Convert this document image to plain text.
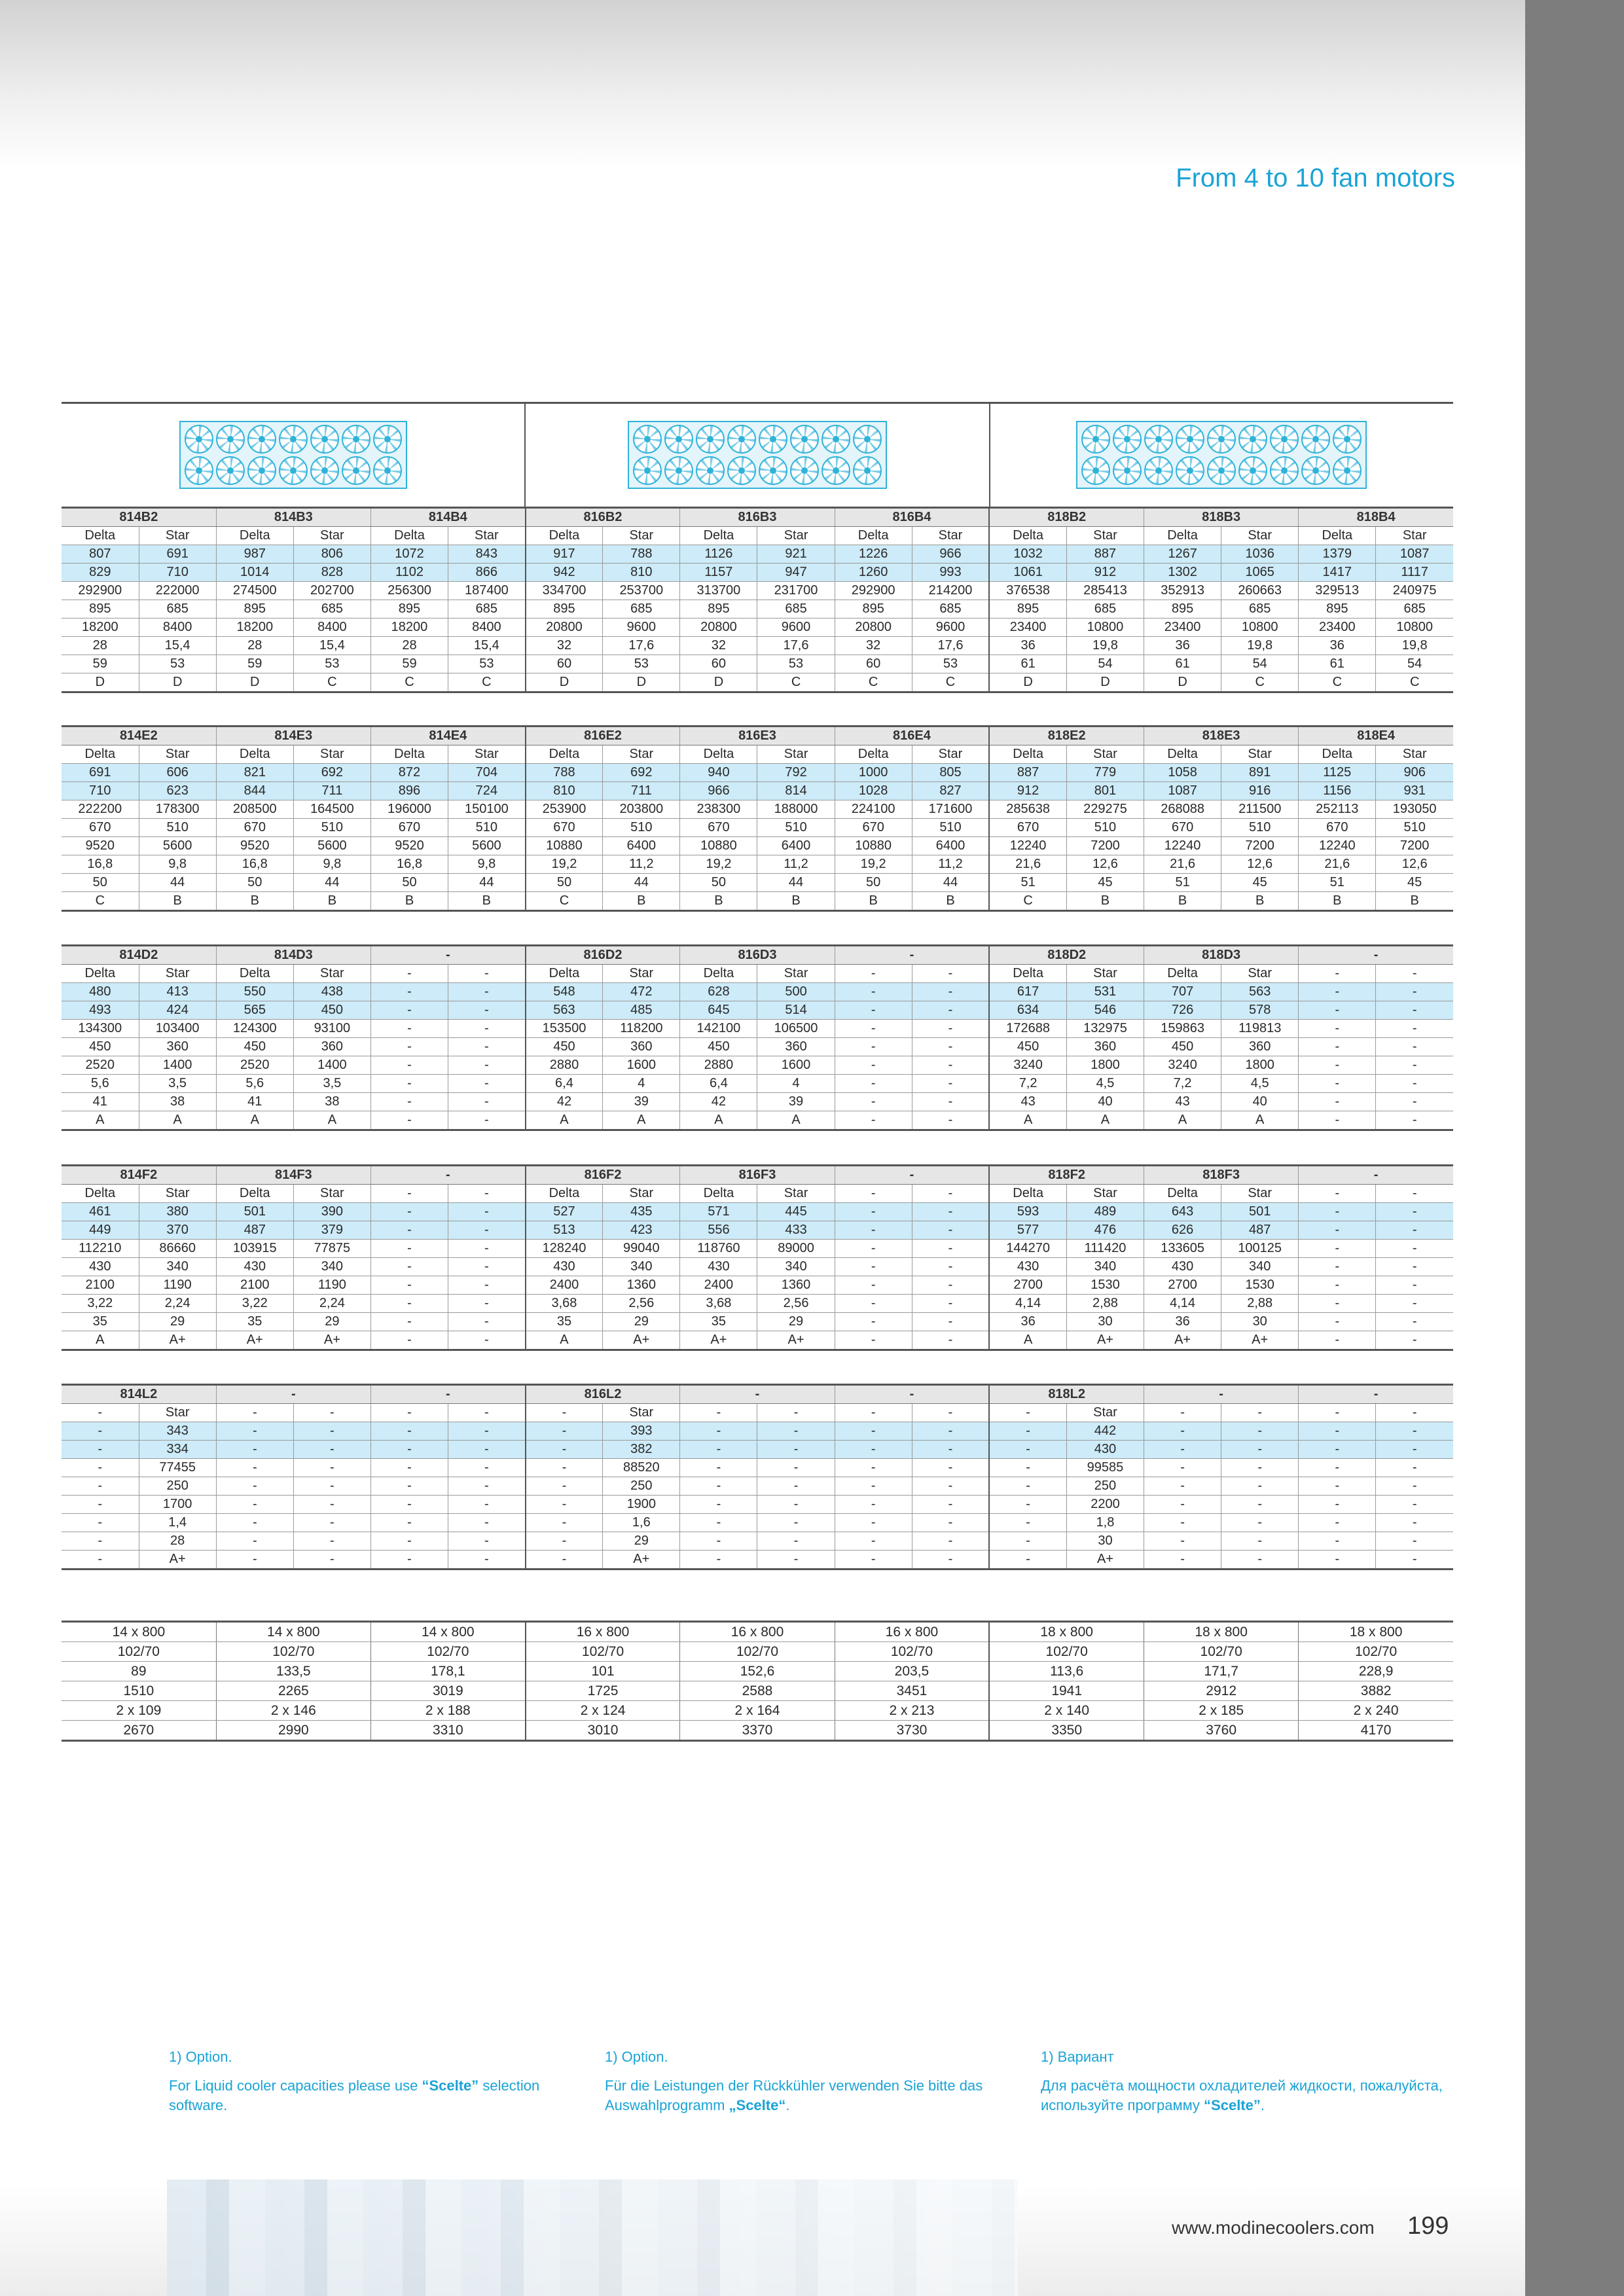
From 4 to 10 fan motors
814B2		814B3		814B4		816B2		816B3		816B4		818B2		818B3		818B4	
Delta	Star	Delta	Star	Delta	Star	Delta	Star	Delta	Star	Delta	Star	Delta	Star	Delta	Star	Delta	Star
807	691	987	806	1072	843	917	788	1126	921	1226	966	1032	887	1267	1036	1379	1087
829	710	1014	828	1102	866	942	810	1157	947	1260	993	1061	912	1302	1065	1417	1117
292900	222000	274500	202700	256300	187400	334700	253700	313700	231700	292900	214200	376538	285413	352913	260663	329513	240975
895	685	895	685	895	685	895	685	895	685	895	685	895	685	895	685	895	685
18200	8400	18200	8400	18200	8400	20800	9600	20800	9600	20800	9600	23400	10800	23400	10800	23400	10800
28	15,4	28	15,4	28	15,4	32	17,6	32	17,6	32	17,6	36	19,8	36	19,8	36	19,8
59	53	59	53	59	53	60	53	60	53	60	53	61	54	61	54	61	54
D	D	D	C	C	C	D	D	D	C	C	C	D	D	D	C	C	C
814E2		814E3		814E4		816E2		816E3		816E4		818E2		818E3		818E4	
Delta	Star	Delta	Star	Delta	Star	Delta	Star	Delta	Star	Delta	Star	Delta	Star	Delta	Star	Delta	Star
691	606	821	692	872	704	788	692	940	792	1000	805	887	779	1058	891	1125	906
710	623	844	711	896	724	810	711	966	814	1028	827	912	801	1087	916	1156	931
222200	178300	208500	164500	196000	150100	253900	203800	238300	188000	224100	171600	285638	229275	268088	211500	252113	193050
670	510	670	510	670	510	670	510	670	510	670	510	670	510	670	510	670	510
9520	5600	9520	5600	9520	5600	10880	6400	10880	6400	10880	6400	12240	7200	12240	7200	12240	7200
16,8	9,8	16,8	9,8	16,8	9,8	19,2	11,2	19,2	11,2	19,2	11,2	21,6	12,6	21,6	12,6	21,6	12,6
50	44	50	44	50	44	50	44	50	44	50	44	51	45	51	45	51	45
C	B	B	B	B	B	C	B	B	B	B	B	C	B	B	B	B	B
814D2		814D3		-		816D2		816D3		-		818D2		818D3		-	
Delta	Star	Delta	Star	-	-	Delta	Star	Delta	Star	-	-	Delta	Star	Delta	Star	-	-
480	413	550	438	-	-	548	472	628	500	-	-	617	531	707	563	-	-
493	424	565	450	-	-	563	485	645	514	-	-	634	546	726	578	-	-
134300	103400	124300	93100	-	-	153500	118200	142100	106500	-	-	172688	132975	159863	119813	-	-
450	360	450	360	-	-	450	360	450	360	-	-	450	360	450	360	-	-
2520	1400	2520	1400	-	-	2880	1600	2880	1600	-	-	3240	1800	3240	1800	-	-
5,6	3,5	5,6	3,5	-	-	6,4	4	6,4	4	-	-	7,2	4,5	7,2	4,5	-	-
41	38	41	38	-	-	42	39	42	39	-	-	43	40	43	40	-	-
A	A	A	A	-	-	A	A	A	A	-	-	A	A	A	A	-	-
814F2		814F3		-		816F2		816F3		-		818F2		818F3		-	
Delta	Star	Delta	Star	-	-	Delta	Star	Delta	Star	-	-	Delta	Star	Delta	Star	-	-
461	380	501	390	-	-	527	435	571	445	-	-	593	489	643	501	-	-
449	370	487	379	-	-	513	423	556	433	-	-	577	476	626	487	-	-
112210	86660	103915	77875	-	-	128240	99040	118760	89000	-	-	144270	111420	133605	100125	-	-
430	340	430	340	-	-	430	340	430	340	-	-	430	340	430	340	-	-
2100	1190	2100	1190	-	-	2400	1360	2400	1360	-	-	2700	1530	2700	1530	-	-
3,22	2,24	3,22	2,24	-	-	3,68	2,56	3,68	2,56	-	-	4,14	2,88	4,14	2,88	-	-
35	29	35	29	-	-	35	29	35	29	-	-	36	30	36	30	-	-
A	A+	A+	A+	-	-	A	A+	A+	A+	-	-	A	A+	A+	A+	-	-
814L2		-		-		816L2		-		-		818L2		-		-	
-	Star	-	-	-	-	-	Star	-	-	-	-	-	Star	-	-	-	-
-	343	-	-	-	-	-	393	-	-	-	-	-	442	-	-	-	-
-	334	-	-	-	-	-	382	-	-	-	-	-	430	-	-	-	-
-	77455	-	-	-	-	-	88520	-	-	-	-	-	99585	-	-	-	-
-	250	-	-	-	-	-	250	-	-	-	-	-	250	-	-	-	-
-	1700	-	-	-	-	-	1900	-	-	-	-	-	2200	-	-	-	-
-	1,4	-	-	-	-	-	1,6	-	-	-	-	-	1,8	-	-	-	-
-	28	-	-	-	-	-	29	-	-	-	-	-	30	-	-	-	-
-	A+	-	-	-	-	-	A+	-	-	-	-	-	A+	-	-	-	-
14 x 800	14 x 800	14 x 800	16 x 800	16 x 800	16 x 800	18 x 800	18 x 800	18 x 800
102/70	102/70	102/70	102/70	102/70	102/70	102/70	102/70	102/70
89	133,5	178,1	101	152,6	203,5	113,6	171,7	228,9
1510	2265	3019	1725	2588	3451	1941	2912	3882
2 x 109	2 x 146	2 x 188	2 x 124	2 x 164	2 x 213	2 x 140	2 x 185	2 x 240
2670	2990	3310	3010	3370	3730	3350	3760	4170
1) Option.
For Liquid cooler capacities please use “Scelte” selection software.
1) Option.
Für die Leistungen der Rückkühler verwenden Sie bitte das Auswahlprogramm „Scelte“.
1) Вариант
Для расчёта мощности охладителей жидкости, пожалуйста, используйте программу “Scelte”.
www.modinecoolers.com 199
